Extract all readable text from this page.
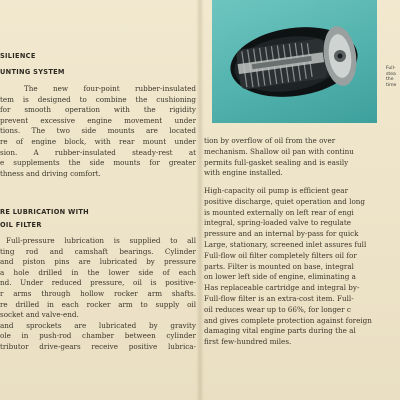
SILIENCE
UNTING SYSTEM
The new four-point rubber-insulated
tem is designed to combine the cushioning
for smooth operation with the rigidity
prevent excessive engine movement under
tions. The two side mounts are located
re of engine block, with rear mount under
sion. A rubber-insulated steady-rest at
e supplements the side mounts for greater
thness and driving comfort.
RE LUBRICATION WITH
OIL FILTER
Full-pressure lubrication is supplied to all
ting rod and camshaft bearings. Cylinder
and piston pins are lubricated by pressure
a hole drilled in the lower side of each
nd. Under reduced pressure, oil is positive-
r arms through hollow rocker arm shafts.
re drilled in each rocker arm to supply oil
socket and valve-end.
and sprockets are lubricated by gravity
ole in push-rod chamber between cylinder
tributor drive-gears receive positive lubrica-
Full-
stea
the
time
tion by overflow of oil from the over
mechanism. Shallow oil pan with continu
permits full-gasket sealing and is easily
with engine installed.
High-capacity oil pump is efficient gear
positive discharge, quiet operation and long
is mounted externally on left rear of engi
integral, spring-loaded valve to regulate
pressure and an internal by-pass for quick
Large, stationary, screened inlet assures full
Full-flow oil filter completely filters oil for
parts. Filter is mounted on base, integral
on lower left side of engine, eliminating a
Has replaceable cartridge and integral by-
Full-flow filter is an extra-cost item. Full-
oil reduces wear up to 66%, for longer c
and gives complete protection against foreign
damaging vital engine parts during the al
first few-hundred miles.
